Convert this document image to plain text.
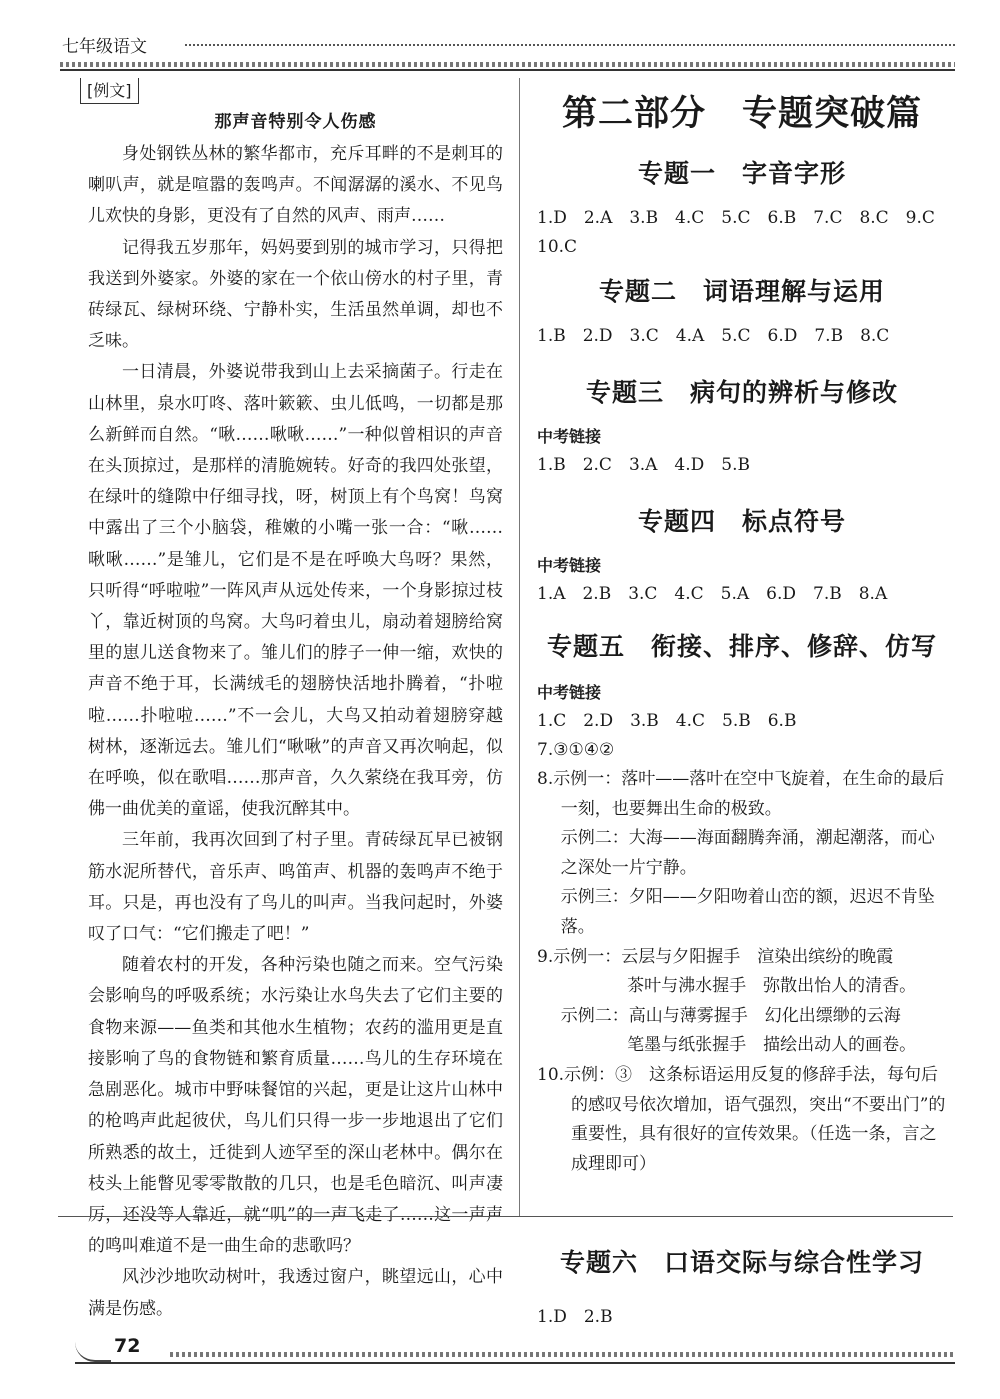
七年级语文
[例文]
那声音特别令人伤感

身处钢铁丛林的繁华都市，充斥耳畔的不是刺耳的喇叭声，就是喧嚣的轰鸣声。不闻潺潺的溪水、不见鸟儿欢快的身影，更没有了自然的风声、雨声……

记得我五岁那年，妈妈要到别的城市学习，只得把我送到外婆家。外婆的家在一个依山傍水的村子里，青砖绿瓦、绿树环绕、宁静朴实，生活虽然单调，却也不乏味。

一日清晨，外婆说带我到山上去采摘菌子。行走在山林里，泉水叮咚、落叶簌簌、虫儿低鸣，一切都是那么新鲜而自然。“啾……啾啾……”一种似曾相识的声音在头顶掠过，是那样的清脆婉转。好奇的我四处张望，在绿叶的缝隙中仔细寻找，呀，树顶上有个鸟窝！鸟窝中露出了三个小脑袋，稚嫩的小嘴一张一合：“啾……啾啾……”是雏儿，它们是不是在呼唤大鸟呀？果然，只听得“呼啦啦”一阵风声从远处传来，一个身影掠过枝丫，靠近树顶的鸟窝。大鸟叼着虫儿，扇动着翅膀给窝里的崽儿送食物来了。雏儿们的脖子一伸一缩，欢快的声音不绝于耳，长满绒毛的翅膀快活地扑腾着，“扑啦啦……扑啦啦……”不一会儿，大鸟又拍动着翅膀穿越树林，逐渐远去。雏儿们“啾啾”的声音又再次响起，似在呼唤，似在歌唱……那声音，久久萦绕在我耳旁，仿佛一曲优美的童谣，使我沉醉其中。

三年前，我再次回到了村子里。青砖绿瓦早已被钢筋水泥所替代，音乐声、鸣笛声、机器的轰鸣声不绝于耳。只是，再也没有了鸟儿的叫声。当我问起时，外婆叹了口气：“它们搬走了吧！”

随着农村的开发，各种污染也随之而来。空气污染会影响鸟的呼吸系统；水污染让水鸟失去了它们主要的食物来源——鱼类和其他水生植物；农药的滥用更是直接影响了鸟的食物链和繁育质量……鸟儿的生存环境在急剧恶化。城市中野味餐馆的兴起，更是让这片山林中的枪鸣声此起彼伏，鸟儿们只得一步一步地退出了它们所熟悉的故土，迁徙到人迹罕至的深山老林中。偶尔在枝头上能瞥见零零散散的几只，也是毛色暗沉、叫声凄厉，还没等人靠近，就“叽”的一声飞走了……这一声声的鸣叫难道不是一曲生命的悲歌吗？

风沙沙地吹动树叶，我透过窗户，眺望远山，心中满是伤感。

第二部分　专题突破篇
专题一　字音字形

1.D　2.A　3.B　4.C　5.C　6.B　7.C　8.C　9.C　10.C

专题二　词语理解与运用

1.B　2.D　3.C　4.A　5.C　6.D　7.B　8.C

专题三　病句的辨析与修改

中考链接

1.B　2.C　3.A　4.D　5.B

专题四　标点符号

中考链接

1.A　2.B　3.C　4.C　5.A　6.D　7.B　8.A

专题五　衔接、排序、修辞、仿写

中考链接

1.C　2.D　3.B　4.C　5.B　6.B

7.③①④②

8.示例一：落叶——落叶在空中飞旋着，在生命的最后一刻，也要舞出生命的极致。
示例二：大海——海面翻腾奔涌，潮起潮落，而心之深处一片宁静。
示例三：夕阳——夕阳吻着山峦的额，迟迟不肯坠落。

9.示例一：云层与夕阳握手　渲染出缤纷的晚霞
茶叶与沸水握手　弥散出怡人的清香。
示例二：高山与薄雾握手　幻化出缥缈的云海
笔墨与纸张握手　描绘出动人的画卷。

10.示例：③　这条标语运用反复的修辞手法，每句后的感叹号依次增加，语气强烈，突出“不要出门”的重要性，具有很好的宣传效果。（任选一条，言之成理即可）

专题六　口语交际与综合性学习

1.D　2.B

72
